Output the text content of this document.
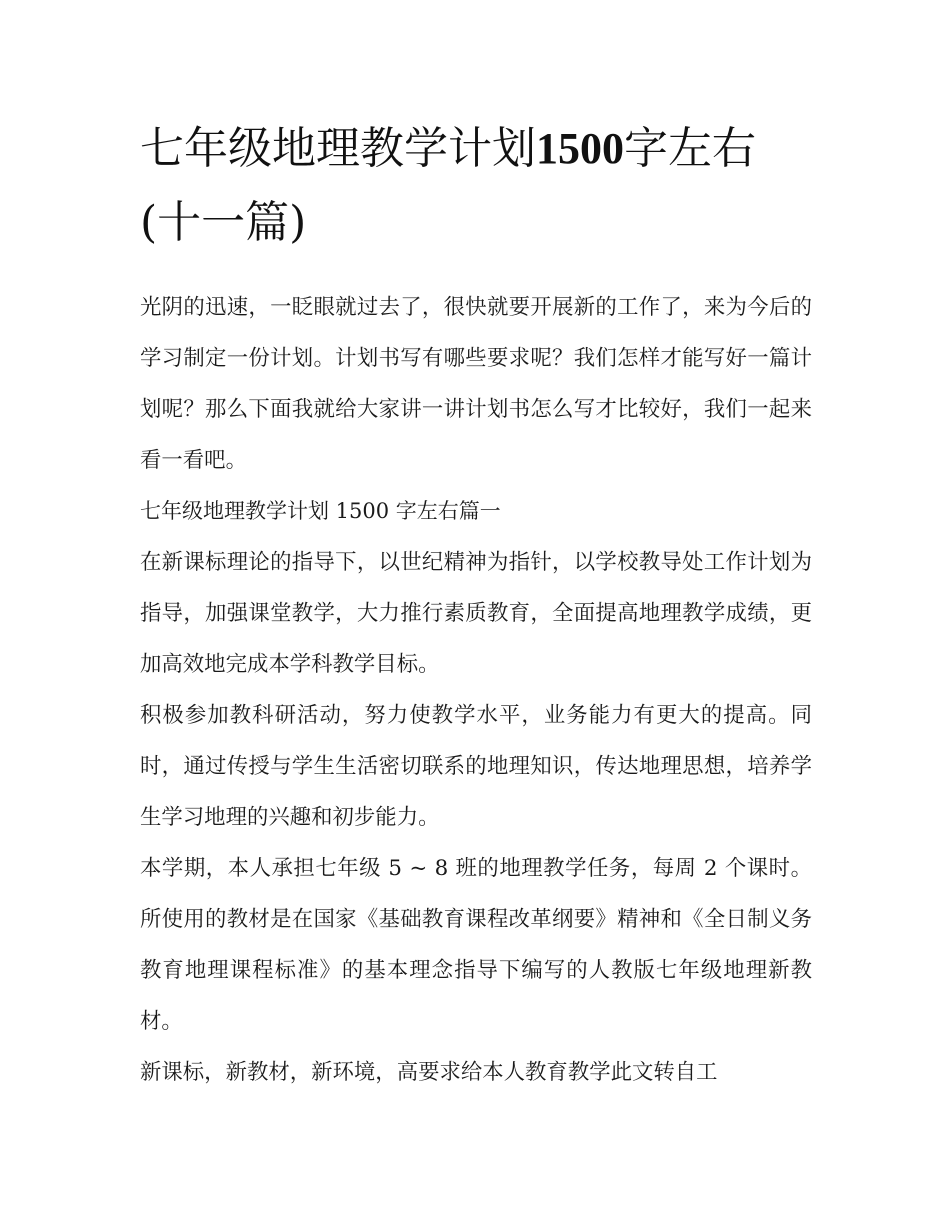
七年级地理教学计划1500字左右(十一篇)

光阴的迅速，一眨眼就过去了，很快就要开展新的工作了，来为今后的学习制定一份计划。计划书写有哪些要求呢？我们怎样才能写好一篇计划呢？那么下面我就给大家讲一讲计划书怎么写才比较好，我们一起来看一看吧。

七年级地理教学计划 1500 字左右篇一

在新课标理论的指导下，以世纪精神为指针，以学校教导处工作计划为指导，加强课堂教学，大力推行素质教育，全面提高地理教学成绩，更加高效地完成本学科教学目标。

积极参加教科研活动，努力使教学水平，业务能力有更大的提高。同时，通过传授与学生生活密切联系的地理知识，传达地理思想，培养学生学习地理的兴趣和初步能力。

本学期，本人承担七年级 5 ~ 8 班的地理教学任务，每周 2 个课时。所使用的教材是在国家《基础教育课程改革纲要》精神和《全日制义务教育地理课程标准》的基本理念指导下编写的人教版七年级地理新教材。

新课标，新教材，新环境，高要求给本人教育教学此文转自工
